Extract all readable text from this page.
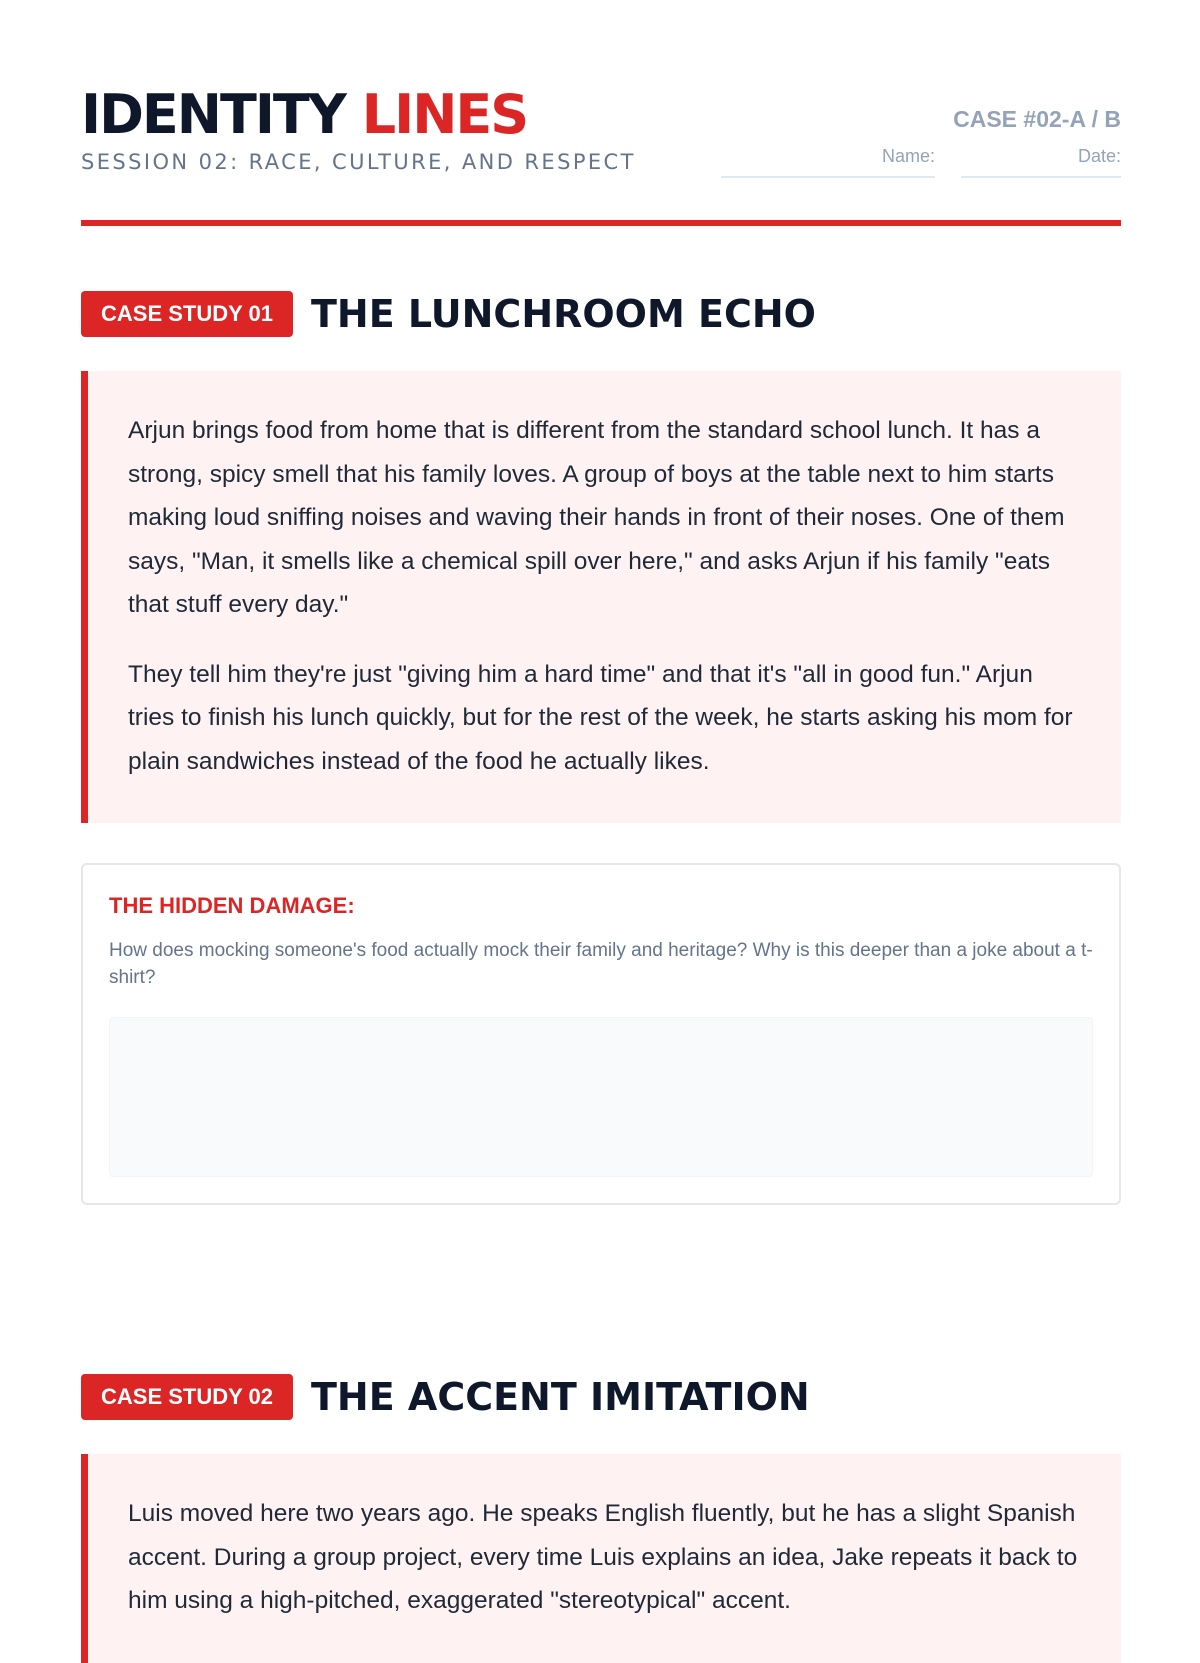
IDENTITY LINES
SESSION 02: RACE, CULTURE, AND RESPECT
CASE #02-A / B
Name:	Date:
CASE STUDY 01	THE LUNCHROOM ECHO

Arjun brings food from home that is different from the standard school lunch. It has a strong, spicy smell that his family loves. A group of boys at the table next to him starts making loud sniffing noises and waving their hands in front of their noses. One of them says, "Man, it smells like a chemical spill over here," and asks Arjun if his family "eats that stuff every day."

They tell him they're just "giving him a hard time" and that it's "all in good fun." Arjun tries to finish his lunch quickly, but for the rest of the week, he starts asking his mom for plain sandwiches instead of the food he actually likes.

THE HIDDEN DAMAGE:
How does mocking someone's food actually mock their family and heritage? Why is this deeper than a joke about a t-shirt?
CASE STUDY 02	THE ACCENT IMITATION

Luis moved here two years ago. He speaks English fluently, but he has a slight Spanish accent. During a group project, every time Luis explains an idea, Jake repeats it back to him using a high-pitched, exaggerated "stereotypical" accent.
